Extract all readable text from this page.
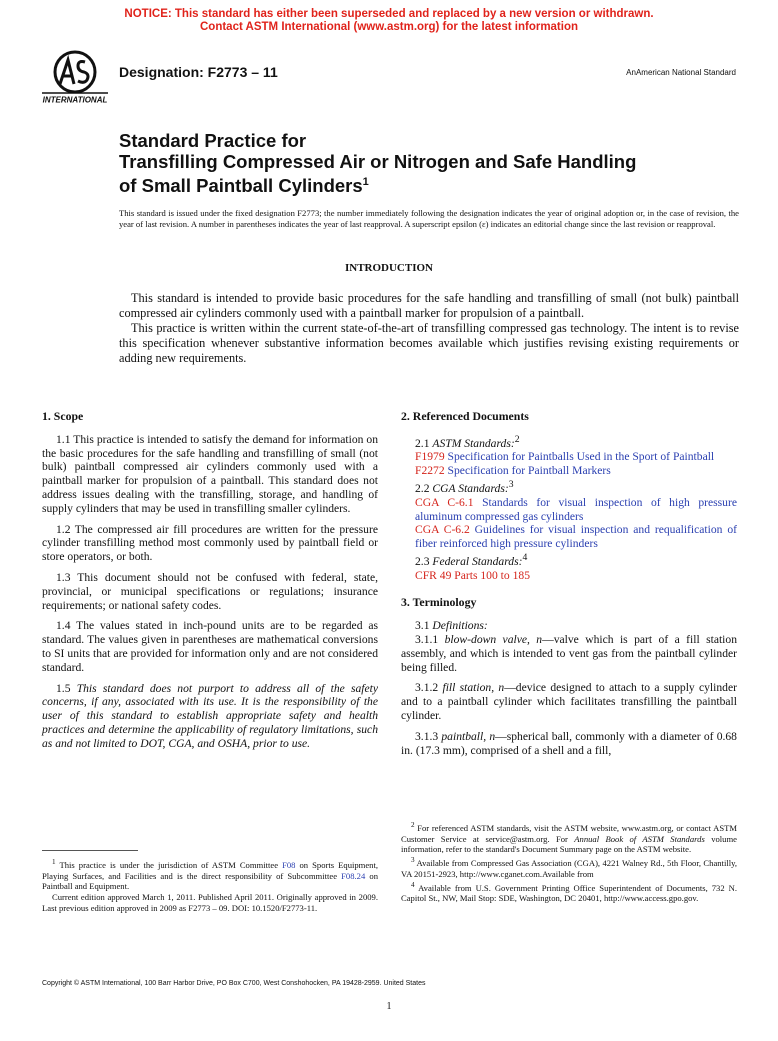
NOTICE: This standard has either been superseded and replaced by a new version or withdrawn.
Contact ASTM International (www.astm.org) for the latest information
INTERNATIONAL
Designation: F2773 – 11	AnAmerican National Standard
Standard Practice for
Transfilling Compressed Air or Nitrogen and Safe Handling
of Small Paintball Cylinders$^1$
This standard is issued under the fixed designation F2773; the number immediately following the designation indicates the year of original adoption or, in the case of revision, the year of last revision. A number in parentheses indicates the year of last reapproval. A superscript epsilon (ε) indicates an editorial change since the last revision or reapproval.
INTRODUCTION

This standard is intended to provide basic procedures for the safe handling and transfilling of small (not bulk) paintball compressed air cylinders commonly used with a paintball marker for propulsion of a paintball.

This practice is written within the current state-of-the-art of transfilling compressed gas technology. The intent is to revise this specification whenever substantive information becomes available which justifies revising existing requirements or adding new requirements.

1. Scope

1.1 This practice is intended to satisfy the demand for information on the basic procedures for the safe handling and transfilling of small (not bulk) paintball compressed air cylinders commonly used with a paintball marker for propulsion of a paintball. This standard does not address issues dealing with the transfilling, storage, and handling of supply cylinders that may be used in transfilling smaller cylinders.

1.2 The compressed air fill procedures are written for the pressure cylinder transfilling method most commonly used by paintball field or store operators, or both.

1.3 This document should not be confused with federal, state, provincial, or municipal specifications or regulations; insurance requirements; or national safety codes.

1.4 The values stated in inch-pound units are to be regarded as standard. The values given in parentheses are mathematical conversions to SI units that are provided for information only and are not considered standard.

1.5 This standard does not purport to address all of the safety concerns, if any, associated with its use. It is the responsibility of the user of this standard to establish appropriate safety and health practices and determine the applicability of regulatory limitations, such as and not limited to DOT, CGA, and OSHA, prior to use.

$^1$ This practice is under the jurisdiction of ASTM Committee F08 on Sports Equipment, Playing Surfaces, and Facilities and is the direct responsibility of Subcommittee F08.24 on Paintball and Equipment.

Current edition approved March 1, 2011. Published April 2011. Originally approved in 2009. Last previous edition approved in 2009 as F2773 – 09. DOI: 10.1520/F2773-11.

2. Referenced Documents

2.1 ASTM Standards:$^2$

F1979 Specification for Paintballs Used in the Sport of Paintball

F2272 Specification for Paintball Markers

2.2 CGA Standards:$^3$

CGA C-6.1 Standards for visual inspection of high pressure aluminum compressed gas cylinders

CGA C-6.2 Guidelines for visual inspection and requalification of fiber reinforced high pressure cylinders

2.3 Federal Standards:$^4$

CFR 49 Parts 100 to 185

3. Terminology

3.1 Definitions:

3.1.1 blow-down valve, n—valve which is part of a fill station assembly, and which is intended to vent gas from the paintball cylinder being filled.

3.1.2 fill station, n—device designed to attach to a supply cylinder and to a paintball cylinder which facilitates transfilling the paintball cylinder.

3.1.3 paintball, n—spherical ball, commonly with a diameter of 0.68 in. (17.3 mm), comprised of a shell and a fill,

$^2$ For referenced ASTM standards, visit the ASTM website, www.astm.org, or contact ASTM Customer Service at service@astm.org. For Annual Book of ASTM Standards volume information, refer to the standard's Document Summary page on the ASTM website.

$^3$ Available from Compressed Gas Association (CGA), 4221 Walney Rd., 5th Floor, Chantilly, VA 20151-2923, http://www.cganet.com.Available from

$^4$ Available from U.S. Government Printing Office Superintendent of Documents, 732 N. Capitol St., NW, Mail Stop: SDE, Washington, DC 20401, http://www.access.gpo.gov.

Copyright © ASTM International, 100 Barr Harbor Drive, PO Box C700, West Conshohocken, PA 19428-2959. United States
1
